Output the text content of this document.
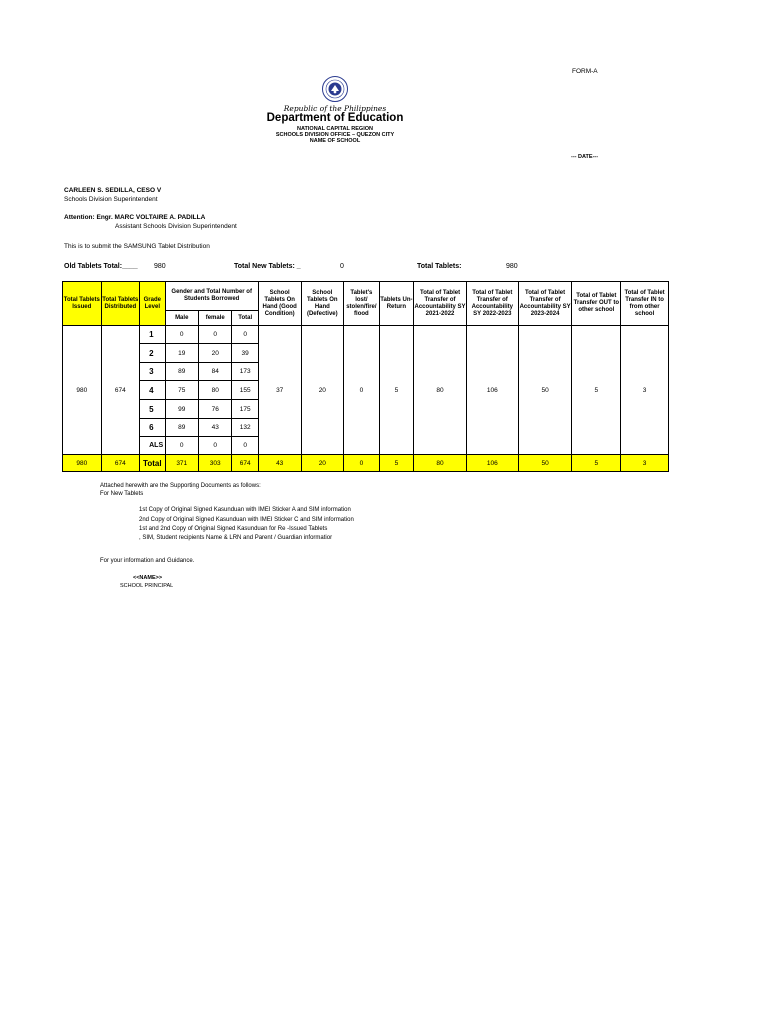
FORM-A
Republic of the Philippines
Department of Education
NATIONAL CAPITAL REGION
SCHOOLS DIVISION OFFICE – QUEZON CITY
NAME OF SCHOOL
--- DATE---
CARLEEN S. SEDILLA, CESO V
Schools Division Superintendent
Attention: Engr. MARC VOLTAIRE A. PADILLA
Assistant Schools Division Superintendent
This is to submit the SAMSUNG Tablet Distribution
Old Tablets Total:____ 980	Total New Tablets: _	0	Total Tablets:	980
Total Tablets Issued	Total Tablets Distributed	Grade Level	Gender and Total Number of Students Borrowed			School Tablets On Hand (Good Condition)	School Tablets On Hand (Defective)	Tablet's lost/ stolen/fire/ flood	Tablets Un-Return	Total of Tablet Transfer of Accountability SY 2021-2022	Total of Tablet Transfer of Accountability SY 2022-2023	Total of Tablet Transfer of Accountability SY 2023-2024	Total of Tablet Transfer OUT to other school	Total of Tablet Transfer IN to from other school
			Male	female	Total									
980	674	1	0	0	0	37	20	0	5	80	106	50	5	3
		2	19	20	39									
		3	89	84	173									
		4	75	80	155									
		5	99	76	175									
		6	89	43	132									
		ALS	0	0	0									
980	674	Total	371	303	674	43	20	0	5	80	106	50	5	3
Attached herewith are the Supporting Documents as follows:
For New Tablets
1st Copy of Original Signed Kasunduan with IMEI Sticker A and SIM information
2nd Copy of Original Signed Kasunduan with IMEI Sticker C and SIM information
1st and 2nd Copy of Original Signed Kasunduan for Re -Issued Tablets
, SIM, Student recipients Name & LRN and Parent / Guardian informatior
For your information and Guidance.
<<NAME>>
SCHOOL PRINCIPAL
